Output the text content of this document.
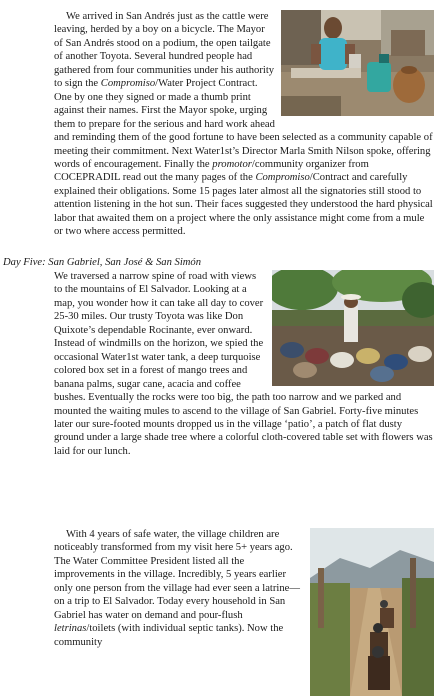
We arrived in San Andrés just as the cattle were leaving, herded by a boy on a bicycle. The Mayor of San Andrés stood on a podium, the open tailgate of another Toyota. Several hundred people had gathered from four communities under his authority to sign the Compromiso/Water Project Contract. One by one they signed or made a thumb print against their names. First the Mayor spoke, urging them to prepare for the serious and hard work ahead and reminding them of the good fortune to have been selected as a community capable of meeting their commitment. Next Water1st’s Director Marla Smith Nilson spoke, offering words of encouragement. Finally the promotor/community organizer from COCEPRADIL read out the many pages of the Compromiso/Contract and carefully explained their obligations. Some 15 pages later almost all the signatories still stood to attention listening in the hot sun. Their faces suggested they understood the hard physical labor that awaited them on a project where the only assistance might come from a mule or two where access permitted.

Day Five: San Gabriel, San José & San Simón

We traversed a narrow spine of road with views to the mountains of El Salvador. Looking at a map, you wonder how it can take all day to cover 25-30 miles. Our trusty Toyota was like Don Quixote’s dependable Rocinante, ever onward. Instead of windmills on the horizon, we spied the occasional Water1st water tank, a deep turquoise colored box set in a forest of mango trees and banana palms, sugar cane, acacia and coffee bushes. Eventually the rocks were too big, the path too narrow and we parked and mounted the waiting mules to ascend to the village of San Gabriel. Forty-five minutes later our sure-footed mounts dropped us in the village ‘patio’, a patch of flat dusty ground under a large shade tree where a colorful cloth-covered table set with flowers was laid for our lunch.

With 4 years of safe water, the village children are noticeably transformed from my visit here 5+ years ago. The Water Committee President listed all the improvements in the village. Incredibly, 5 years earlier only one person from the village had ever seen a latrine—on a trip to El Salvador. Today every household in San Gabriel has water on demand and pour-flush letrinas/toilets (with individual septic tanks). Now the community
